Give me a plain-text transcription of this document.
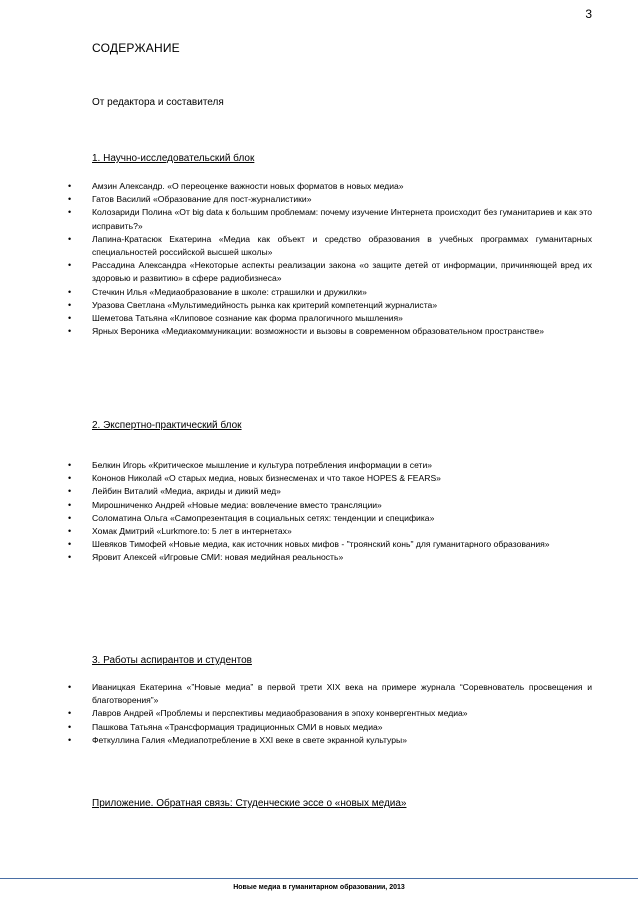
3
СОДЕРЖАНИЕ
От редактора и составителя
1. Научно-исследовательский блок
• Амзин Александр. «О переоценке важности новых форматов в новых медиа»
• Гатов Василий «Образование для пост-журналистики»
• Колозариди Полина «От big data к большим проблемам: почему изучение Интернета происходит без гуманитариев и как это исправить?»
• Лапина-Кратасюк Екатерина «Медиа как объект и средство образования в учебных программах гуманитарных специальностей российской высшей школы»
• Рассадина Александра «Некоторые аспекты реализации закона «о защите детей от информации, причиняющей вред их здоровью и развитию» в сфере радиобизнеса»
• Стечкин Илья «Медиаобразование в школе: страшилки и дружилки»
• Уразова Светлана «Мультимедийность рынка как критерий компетенций журналиста»
• Шеметова Татьяна «Клиповое сознание как форма пралогичного мышления»
• Ярных Вероника «Медиакоммуникации: возможности и вызовы в современном образовательном пространстве»
2. Экспертно-практический блок
• Белкин Игорь «Критическое мышление и культура потребления информации в сети»
• Кононов Николай «О старых медиа, новых бизнесменах и что такое HOPES & FEARS»
• Лейбин Виталий «Медиа, акриды и дикий мед»
• Мирошниченко Андрей «Новые медиа: вовлечение вместо трансляции»
• Соломатина Ольга «Самопрезентация в социальных сетях: тенденции и специфика»
• Хомак Дмитрий «Lurkmore.to: 5 лет в интернетах»
• Шевяков Тимофей «Новые медиа, как источник новых мифов - "троянский конь" для гуманитарного образования»
• Яровит Алексей «Игровые СМИ: новая медийная реальность»
3. Работы аспирантов и студентов
• Иваницкая Екатерина «”Новые медиа” в первой трети XIX века на примере журнала “Соревнователь просвещения и благотворения”»
• Лавров Андрей «Проблемы и перспективы медиаобразования в эпоху конвергентных медиа»
• Пашкова Татьяна «Трансформация традиционных СМИ в новых медиа»
• Феткуллина Галия «Медиапотребление в XXI веке в свете экранной культуры»
Приложение. Обратная связь: Студенческие эссе о «новых медиа»
Новые медиа в гуманитарном образовании, 2013
